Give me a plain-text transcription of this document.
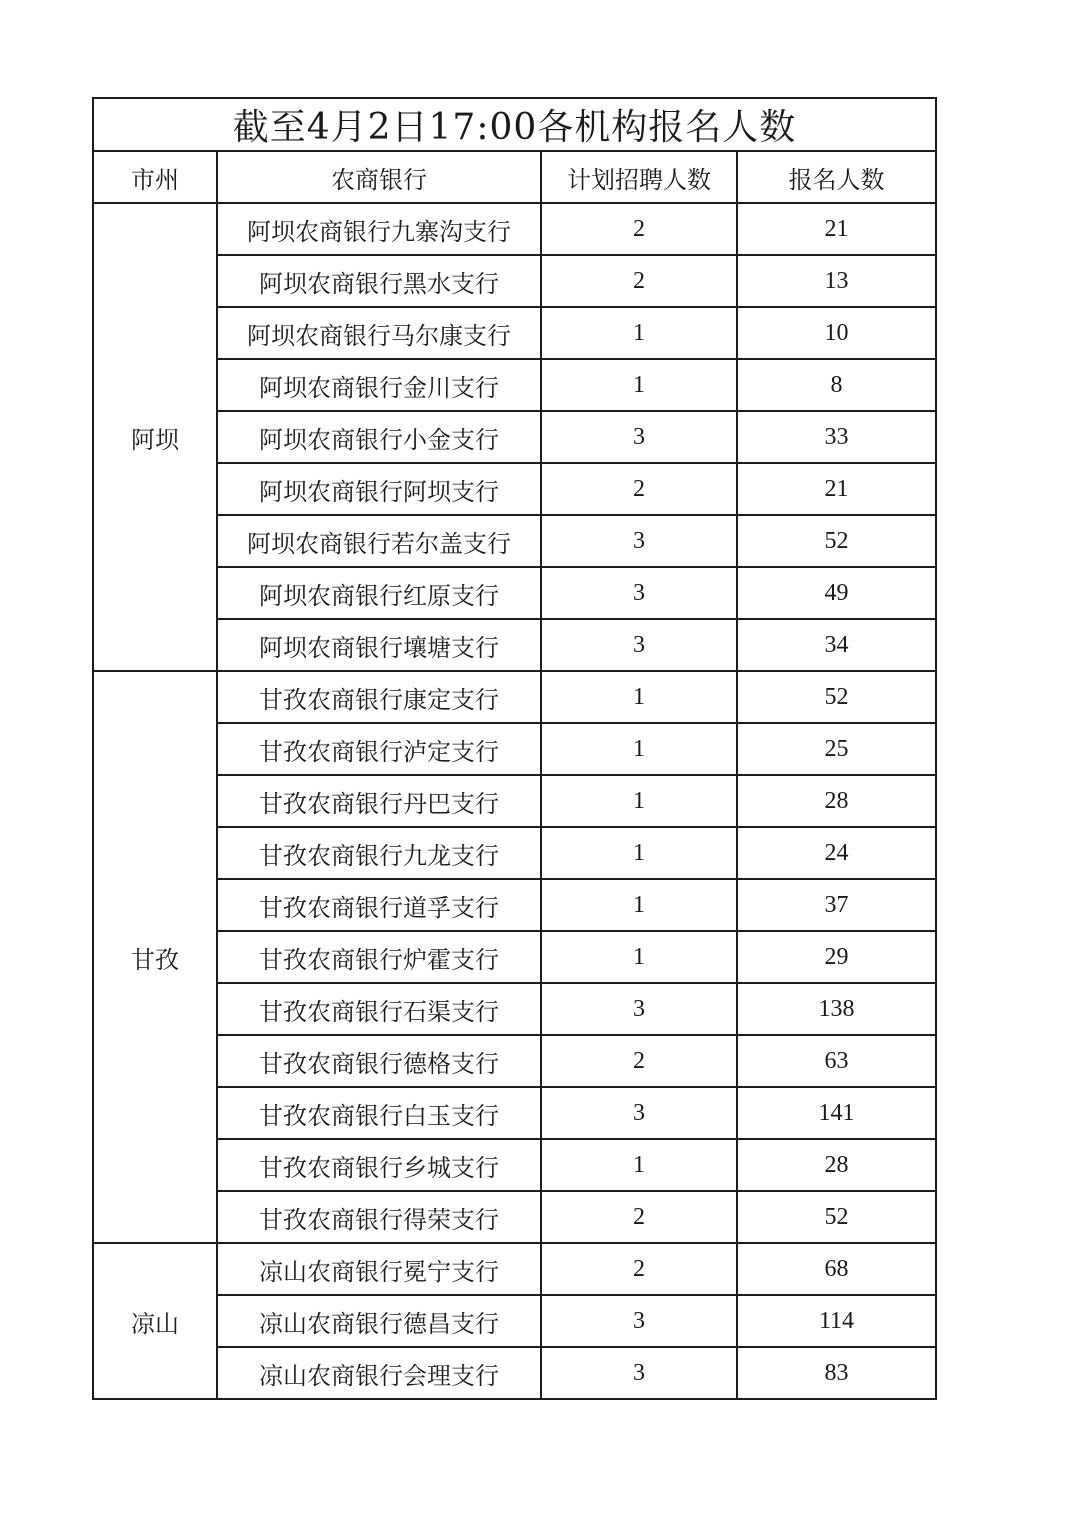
截至4月2日17:00各机构报名人数			
市州	农商银行	计划招聘人数	报名人数
阿坝	阿坝农商银行九寨沟支行	2	21
	阿坝农商银行黑水支行	2	13
	阿坝农商银行马尔康支行	1	10
	阿坝农商银行金川支行	1	8
	阿坝农商银行小金支行	3	33
	阿坝农商银行阿坝支行	2	21
	阿坝农商银行若尔盖支行	3	52
	阿坝农商银行红原支行	3	49
	阿坝农商银行壤塘支行	3	34
甘孜	甘孜农商银行康定支行	1	52
	甘孜农商银行泸定支行	1	25
	甘孜农商银行丹巴支行	1	28
	甘孜农商银行九龙支行	1	24
	甘孜农商银行道孚支行	1	37
	甘孜农商银行炉霍支行	1	29
	甘孜农商银行石渠支行	3	138
	甘孜农商银行德格支行	2	63
	甘孜农商银行白玉支行	3	141
	甘孜农商银行乡城支行	1	28
	甘孜农商银行得荣支行	2	52
凉山	凉山农商银行冕宁支行	2	68
	凉山农商银行德昌支行	3	114
	凉山农商银行会理支行	3	83
